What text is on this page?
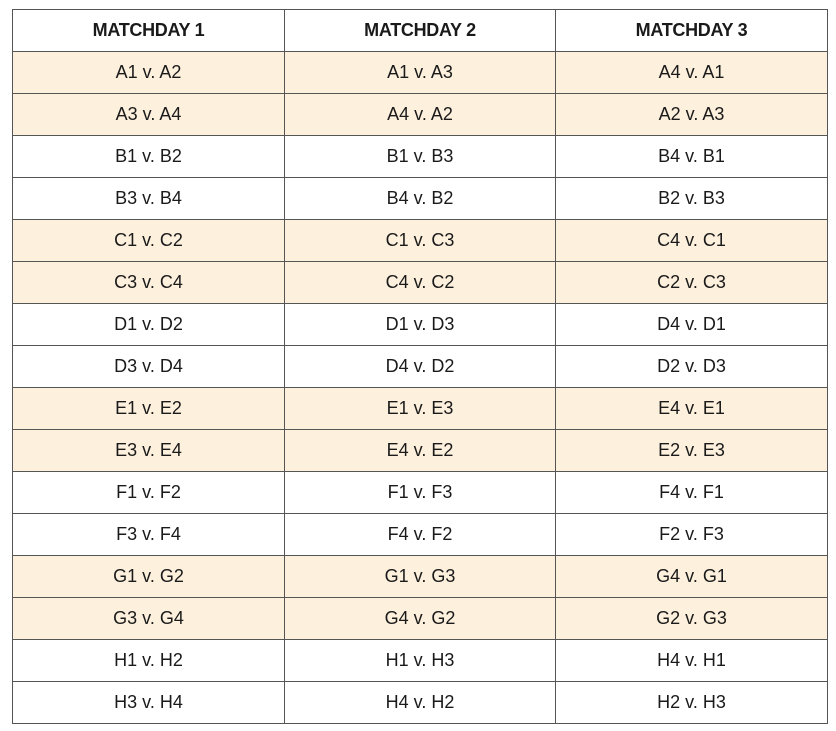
MATCHDAY 1	MATCHDAY 2	MATCHDAY 3
A1 v. A2	A1 v. A3	A4 v. A1
A3 v. A4	A4 v. A2	A2 v. A3
B1 v. B2	B1 v. B3	B4 v. B1
B3 v. B4	B4 v. B2	B2 v. B3
C1 v. C2	C1 v. C3	C4 v. C1
C3 v. C4	C4 v. C2	C2 v. C3
D1 v. D2	D1 v. D3	D4 v. D1
D3 v. D4	D4 v. D2	D2 v. D3
E1 v. E2	E1 v. E3	E4 v. E1
E3 v. E4	E4 v. E2	E2 v. E3
F1 v. F2	F1 v. F3	F4 v. F1
F3 v. F4	F4 v. F2	F2 v. F3
G1 v. G2	G1 v. G3	G4 v. G1
G3 v. G4	G4 v. G2	G2 v. G3
H1 v. H2	H1 v. H3	H4 v. H1
H3 v. H4	H4 v. H2	H2 v. H3
